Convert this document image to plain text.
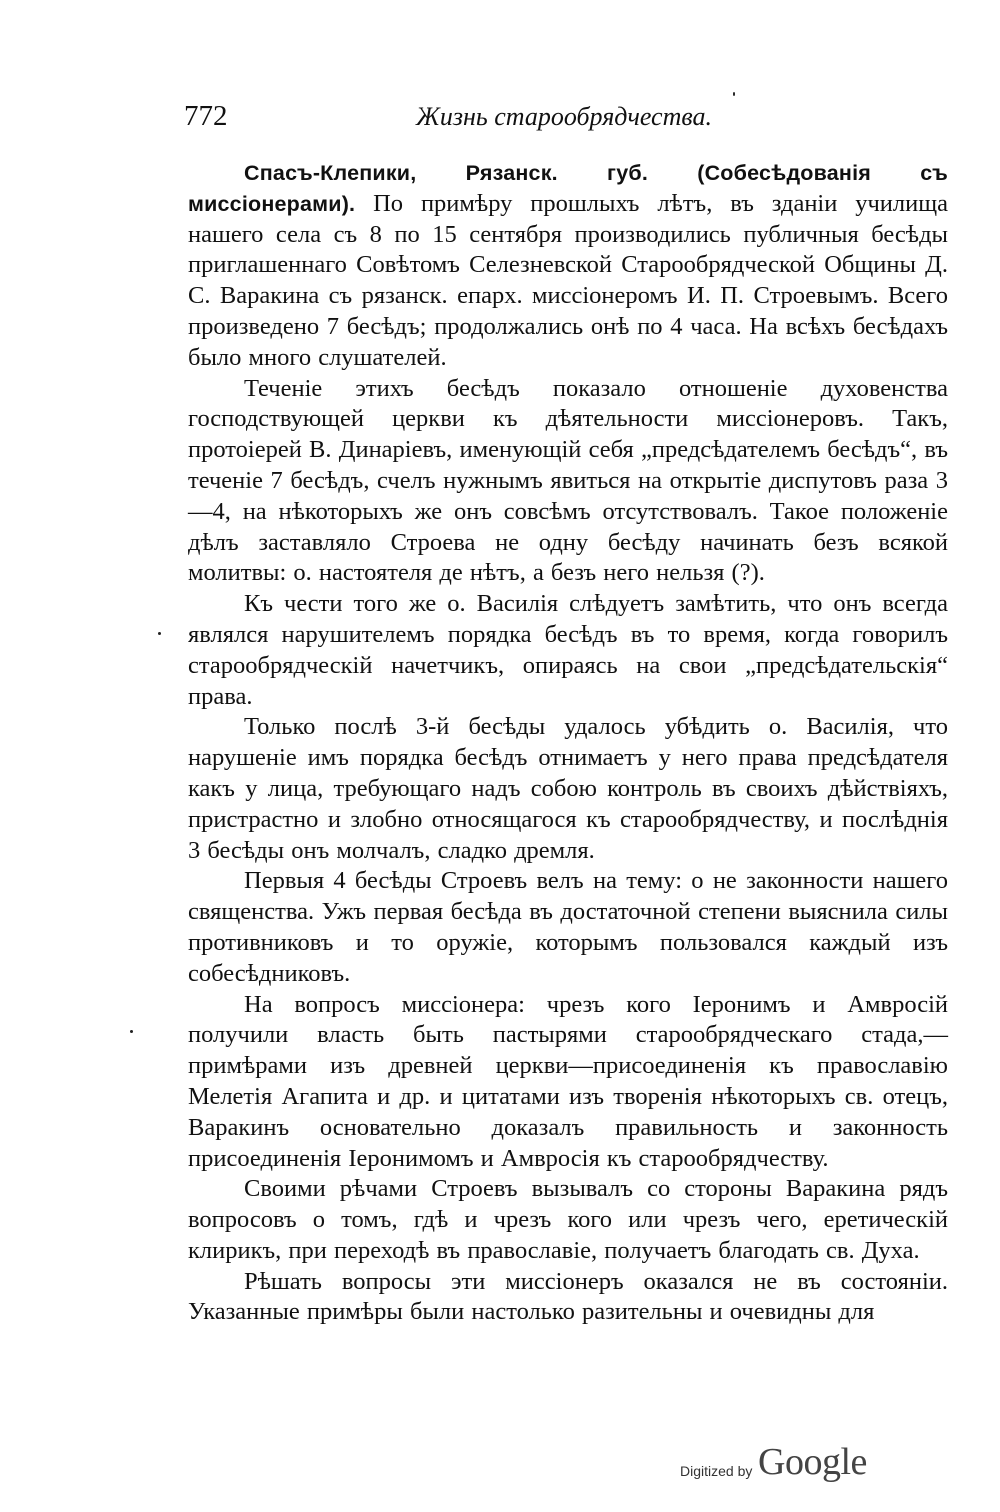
772	Жизнь старообрядчества.

Спасъ-Клепики, Рязанск. губ. (Собесѣдованія съ миссіонерами). По примѣру прошлыхъ лѣтъ, въ зданіи училища нашего села съ 8 по 15 сентября производились публичныя бесѣды приглашеннаго Совѣтомъ Селезневской Старообрядческой Общины Д. С. Варакина съ рязанск. епарх. миссіонеромъ И. П. Строевымъ. Всего произведено 7 бесѣдъ; продолжались онѣ по 4 часа. На всѣхъ бесѣдахъ было много слушателей.

Теченіе этихъ бесѣдъ показало отношеніе духовенства господствующей церкви къ дѣятельности миссіонеровъ. Такъ, протоіерей В. Динаріевъ, именующій себя „предсѣдателемъ бесѣдъ“, въ теченіе 7 бесѣдъ, счелъ нужнымъ явиться на открытіе диспутовъ раза 3—4, на нѣкоторыхъ же онъ совсѣмъ отсутствовалъ. Такое положеніе дѣлъ заставляло Строева не одну бесѣду начинать безъ всякой молитвы: о. настоятеля де нѣтъ, а безъ него нельзя (?).

Къ чести того же о. Василія слѣдуетъ замѣтить, что онъ всегда являлся нарушителемъ порядка бесѣдъ въ то время, когда говорилъ старообрядческій начетчикъ, опираясь на свои „предсѣдательскія“ права.

Только послѣ 3-й бесѣды удалось убѣдить о. Василія, что нарушеніе имъ порядка бесѣдъ отнимаетъ у него права предсѣдателя какъ у лица, требующаго надъ собою контроль въ своихъ дѣйствіяхъ, пристрастно и злобно относящагося къ старообрядчеству, и послѣднія 3 бесѣды онъ молчалъ, сладко дремля.

Первыя 4 бесѣды Строевъ велъ на тему: о не законности нашего священства. Ужъ первая бесѣда въ достаточной степени выяснила силы противниковъ и то оружіе, которымъ пользовался каждый изъ собесѣдниковъ.

На вопросъ миссіонера: чрезъ кого Іеронимъ и Амвросій получили власть быть пастырями старообрядческаго стада,—примѣрами изъ древней церкви—присоединенія къ православію Мелетія Агапита и др. и цитатами изъ творенія нѣкоторыхъ св. отецъ, Варакинъ основательно доказалъ правильность и законность присоединенія Іеронимомъ и Амвросія къ старообрядчеству.

Своими рѣчами Строевъ вызывалъ со стороны Варакина рядъ вопросовъ о томъ, гдѣ и чрезъ кого или чрезъ чего, еретическій клирикъ, при переходѣ въ православіе, получаетъ благодать св. Духа.

Рѣшать вопросы эти миссіонеръ оказался не въ состояніи. Указанные примѣры были настолько разительны и очевидны для

Digitized by Google
